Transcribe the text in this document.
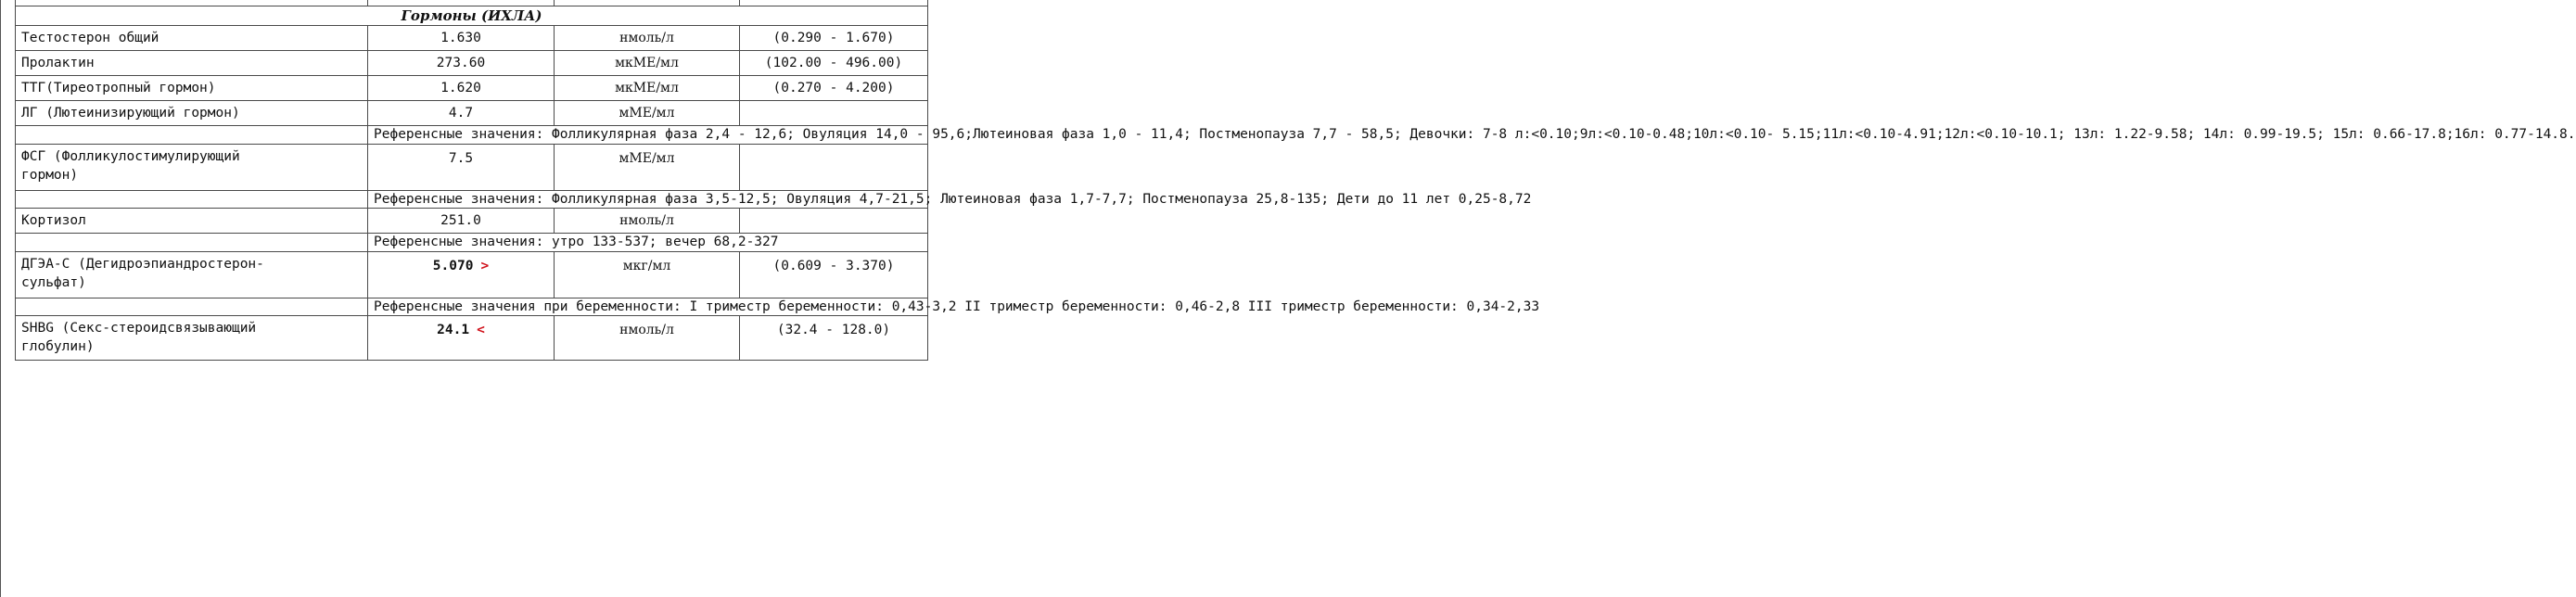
Гормоны (ИХЛА)			
Тестостерон общий	1.630	нмоль/л	(0.290 - 1.670)
Пролактин	273.60	мкМЕ/мл	(102.00 - 496.00)
ТТГ(Тиреотропный гормон)	1.620	мкМЕ/мл	(0.270 - 4.200)
ЛГ (Лютеинизирующий гормон)	4.7	мМЕ/мл	
	Референсные значения: Фолликулярная фаза 2,4 - 12,6; Овуляция 14,0 - 95,6;Лютеиновая фаза 1,0 - 11,4; Постменопауза 7,7 - 58,5; Девочки: 7-8 л:<0.10;9л:<0.10-0.48;10л:<0.10- 5.15;11л:<0.10-4.91;12л:<0.10-10.1; 13л: 1.22-9.58; 14л: 0.99-19.5; 15л: 0.66-17.8;16л: 0.77-14.8.		
ФСГ (Фолликулостимулирующий
гормон)	7.5	мМЕ/мл	
	Референсные значения: Фолликулярная фаза 3,5-12,5; Овуляция 4,7-21,5; Лютеиновая фаза 1,7-7,7; Постменопауза 25,8-135; Дети до 11 лет 0,25-8,72		
Кортизол	251.0	нмоль/л	
	Референсные значения: утро 133-537; вечер 68,2-327		
ДГЭА-С (Дегидроэпиандростерон-
сульфат)	5.070 >	мкг/мл	(0.609 - 3.370)
	Референсные значения при беременности: I триместр беременности: 0,43-3,2 II триместр беременности: 0,46-2,8 III триместр беременности: 0,34-2,33		
SHBG (Секс-стероидсвязывающий
глобулин)	24.1 <	нмоль/л	(32.4 - 128.0)
